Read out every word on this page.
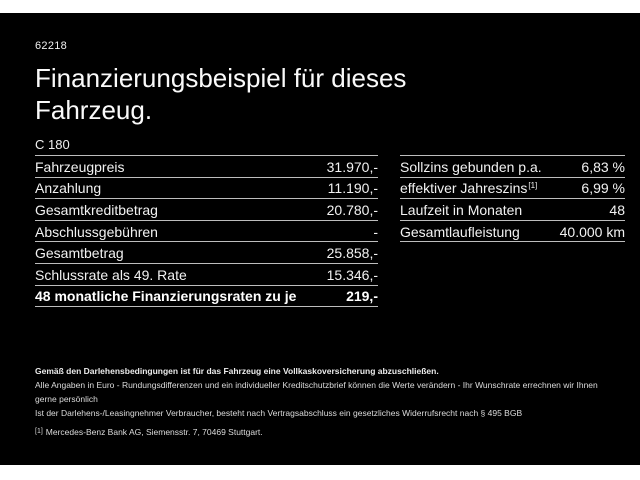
62218
Finanzierungsbeispiel für dieses Fahrzeug.
C 180
Fahrzeugpreis	31.970,-
Anzahlung	11.190,-
Gesamtkreditbetrag	20.780,-
Abschlussgebühren	-
Gesamtbetrag	25.858,-
Schlussrate als 49. Rate	15.346,-
48 monatliche Finanzierungsraten zu je	219,-
Sollzins gebunden p.a.	6,83 %
effektiver Jahreszins[1]	6,99 %
Laufzeit in Monaten	48
Gesamtlaufleistung	40.000 km
Gemäß den Darlehensbedingungen ist für das Fahrzeug eine Vollkaskoversicherung abzuschließen.
Alle Angaben in Euro - Rundungsdifferenzen und ein individueller Kreditschutzbrief können die Werte verändern - Ihr Wunschrate errechnen wir Ihnen gerne persönlich
Ist der Darlehens-/Leasingnehmer Verbraucher, besteht nach Vertragsabschluss ein gesetzliches Widerrufsrecht nach § 495 BGB
[1] Mercedes-Benz Bank AG, Siemensstr. 7, 70469 Stuttgart.
